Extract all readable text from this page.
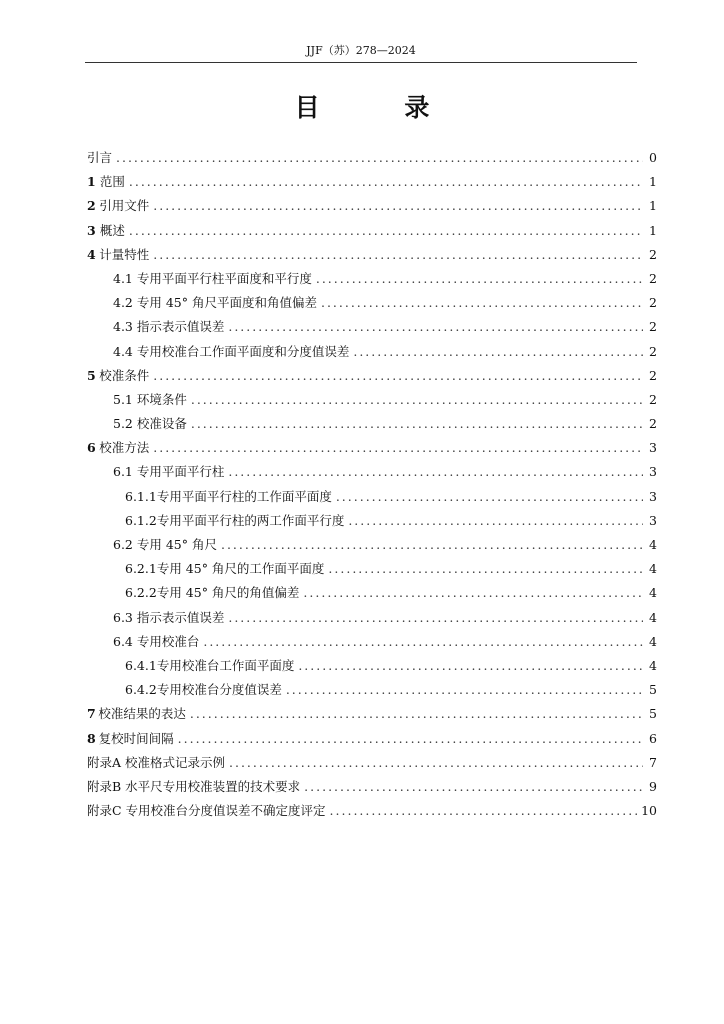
JJF（苏）278—2024
目 录
引言 .....	0
1 范围 .....	1
2 引用文件 .....	1
3 概述 .....	1
4 计量特性 .....	2
4.1 专用平面平行柱平面度和平行度 .....	2
4.2 专用 45° 角尺平面度和角值偏差 .....	2
4.3 指示表示值误差 .....	2
4.4 专用校准台工作面平面度和分度值误差 .....	2
5 校准条件 .....	2
5.1 环境条件 .....	2
5.2 校准设备 .....	2
6 校准方法 .....	3
6.1 专用平面平行柱 .....	3
6.1.1 专用平面平行柱的工作面平面度 .....	3
6.1.2 专用平面平行柱的两工作面平行度 .....	3
6.2 专用 45° 角尺 .....	4
6.2.1 专用 45° 角尺的工作面平面度 .....	4
6.2.2 专用 45° 角尺的角值偏差 .....	4
6.3 指示表示值误差 .....	4
6.4 专用校准台 .....	4
6.4.1 专用校准台工作面平面度 .....	4
6.4.2 专用校准台分度值误差 .....	5
7 校准结果的表达 .....	5
8 复校时间间隔 .....	6
附录A 校准格式记录示例 .....	7
附录B 水平尺专用校准装置的技术要求 .....	9
附录C 专用校准台分度值误差不确定度评定 .....	10
